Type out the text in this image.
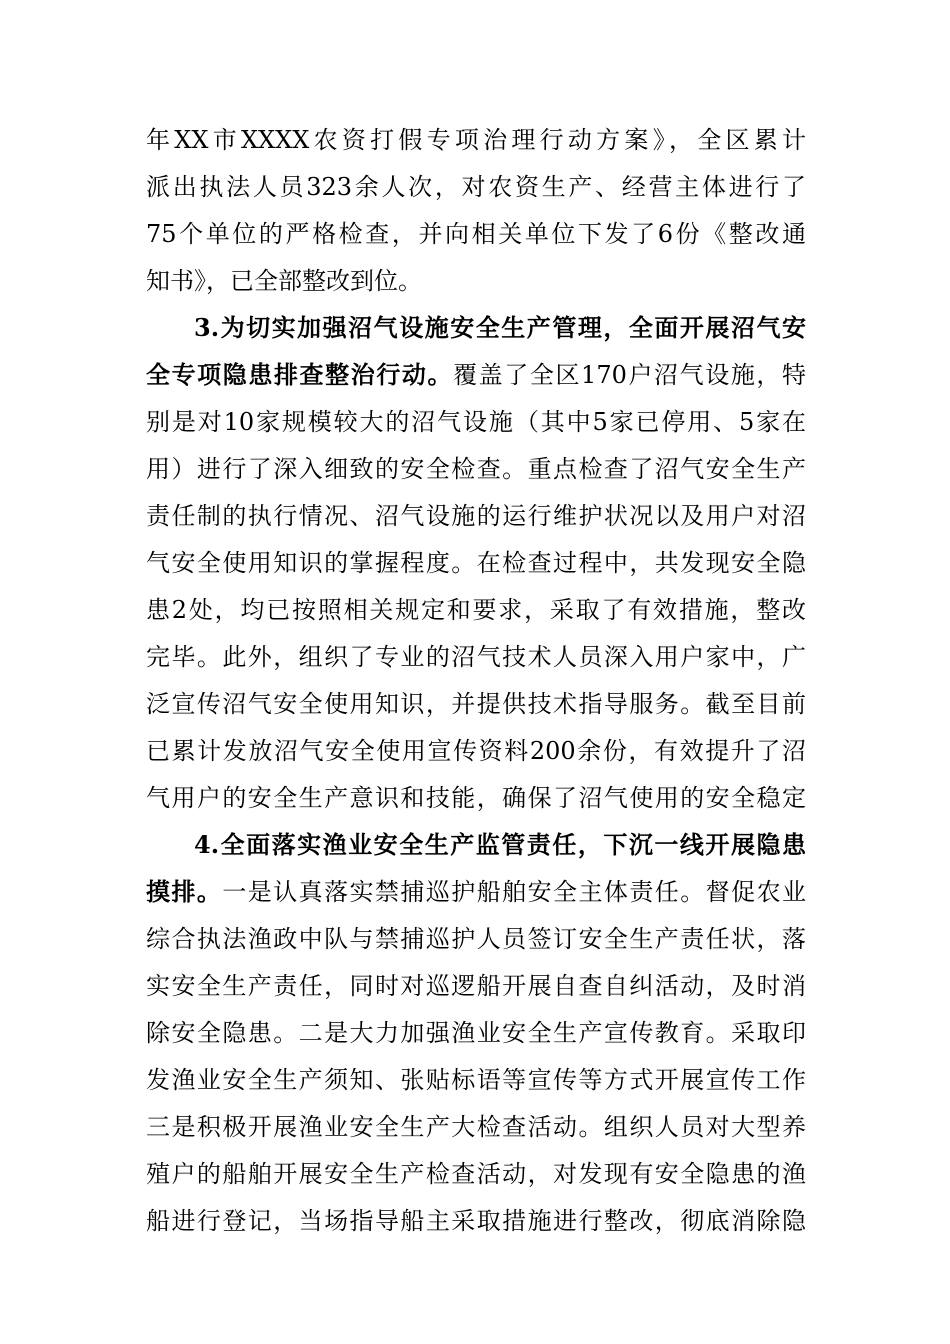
年XX市XXXX农资打假专项治理行动方案》，全区累计
派出执法人员323余人次，对农资生产、经营主体进行了
75个单位的严格检查，并向相关单位下发了6份《整改通
知书》，已全部整改到位。
3.为切实加强沼气设施安全生产管理，全面开展沼气安
全专项隐患排查整治行动。覆盖了全区170户沼气设施，特
别是对10家规模较大的沼气设施（其中5家已停用、5家在
用）进行了深入细致的安全检查。重点检查了沼气安全生产
责任制的执行情况、沼气设施的运行维护状况以及用户对沼
气安全使用知识的掌握程度。在检查过程中，共发现安全隐
患2处，均已按照相关规定和要求，采取了有效措施，整改
完毕。此外，组织了专业的沼气技术人员深入用户家中，广
泛宣传沼气安全使用知识，并提供技术指导服务。截至目前
已累计发放沼气安全使用宣传资料200余份，有效提升了沼
气用户的安全生产意识和技能，确保了沼气使用的安全稳定
4.全面落实渔业安全生产监管责任，下沉一线开展隐患
摸排。一是认真落实禁捕巡护船舶安全主体责任。督促农业
综合执法渔政中队与禁捕巡护人员签订安全生产责任状，落
实安全生产责任，同时对巡逻船开展自查自纠活动，及时消
除安全隐患。二是大力加强渔业安全生产宣传教育。采取印
发渔业安全生产须知、张贴标语等宣传等方式开展宣传工作
三是积极开展渔业安全生产大检查活动。组织人员对大型养
殖户的船舶开展安全生产检查活动，对发现有安全隐患的渔
船进行登记，当场指导船主采取措施进行整改，彻底消除隐
